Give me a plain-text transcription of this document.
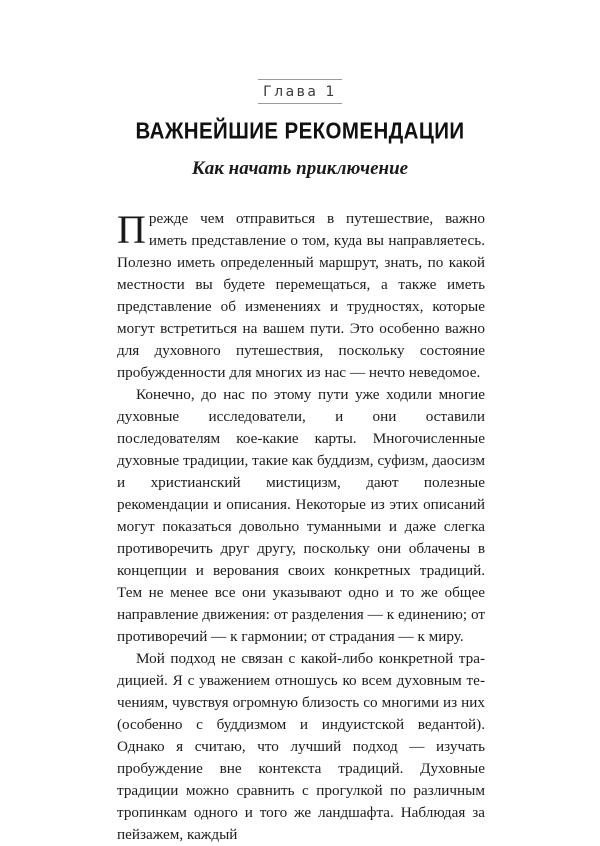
Глава 1
ВАЖНЕЙШИЕ РЕКОМЕНДАЦИИ
Как начать приключение

Прежде чем отправиться в путешествие, важно иметь представление о том, куда вы направляетесь. Полезно иметь определенный маршрут, знать, по какой местности вы будете перемещаться, а также иметь представление об изменениях и трудностях, которые могут встретиться на вашем пути. Это особенно важно для духовного путешествия, поскольку состояние пробужденности для многих из нас — нечто неведомое.

Конечно, до нас по этому пути уже ходили многие духовные исследователи, и они оставили последователям кое‑какие карты. Многочисленные духовные традиции, такие как буддизм, суфизм, даосизм и христианский мистицизм, дают полезные рекомендации и описания. Некоторые из этих описаний могут показаться довольно туманными и даже слегка противоречить друг другу, поскольку они облачены в концепции и верования своих конкретных традиций. Тем не менее все они указывают одно и то же общее направление движения: от разделения — к единению; от противоречий — к гармонии; от страдания — к миру.

Мой подход не связан с какой‑либо конкретной традицией. Я с уважением отношусь ко всем духовным течениям, чувствуя огромную близость со многими из них (особенно с буддизмом и индуистской ведантой). Однако я считаю, что лучший подход — изучать пробуждение вне контекста традиций. Духовные традиции можно сравнить с прогулкой по различным тропинкам одного и того же ландшафта. Наблюдая за пейзажем, каждый
